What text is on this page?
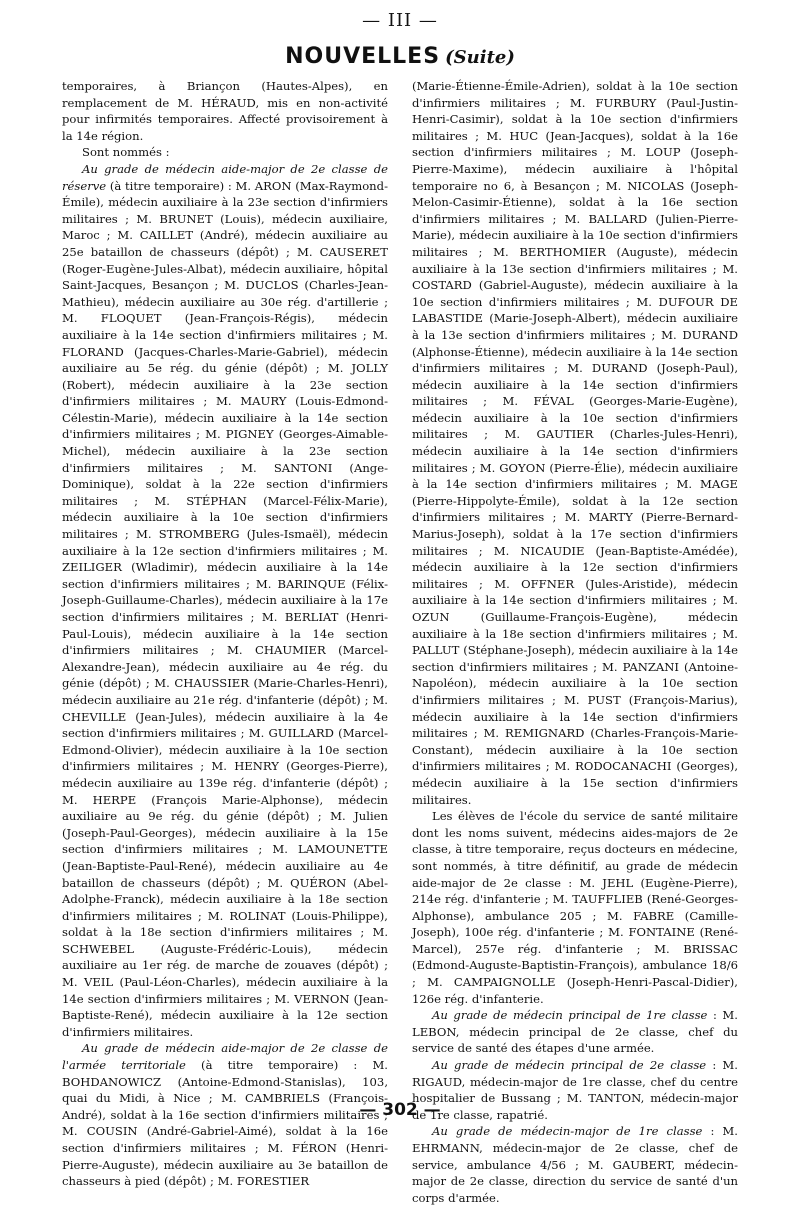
— III —
NOUVELLES (Suite)

temporaires, à Briançon (Hautes-Alpes), en remplacement de M. HÉRAUD, mis en non-activité pour infirmités temporaires. Affecté provisoirement à la 14e région.

Sont nommés :

Au grade de médecin aide-major de 2e classe de réserve (à titre temporaire) : M. ARON (Max-Raymond-Émile), médecin auxiliaire à la 23e section d'infirmiers militaires ; M. BRUNET (Louis), médecin auxiliaire, Maroc ; M. CAILLET (André), médecin auxiliaire au 25e bataillon de chasseurs (dépôt) ; M. CAUSERET (Roger-Eugène-Jules-Albat), médecin auxiliaire, hôpital Saint-Jacques, Besançon ; M. DUCLOS (Charles-Jean-Mathieu), médecin auxiliaire au 30e rég. d'artillerie ; M. FLOQUET (Jean-François-Régis), médecin auxiliaire à la 14e section d'infirmiers militaires ; M. FLORAND (Jacques-Charles-Marie-Gabriel), médecin auxiliaire au 5e rég. du génie (dépôt) ; M. JOLLY (Robert), médecin auxiliaire à la 23e section d'infirmiers militaires ; M. MAURY (Louis-Edmond-Célestin-Marie), médecin auxiliaire à la 14e section d'infirmiers militaires ; M. PIGNEY (Georges-Aimable-Michel), médecin auxiliaire à la 23e section d'infirmiers militaires ; M. SANTONI (Ange-Dominique), soldat à la 22e section d'infirmiers militaires ; M. STÉPHAN (Marcel-Félix-Marie), médecin auxiliaire à la 10e section d'infirmiers militaires ; M. STROMBERG (Jules-Ismaël), médecin auxiliaire à la 12e section d'infirmiers militaires ; M. ZEILIGER (Wladimir), médecin auxiliaire à la 14e section d'infirmiers militaires ; M. BARINQUE (Félix-Joseph-Guillaume-Charles), médecin auxiliaire à la 17e section d'infirmiers militaires ; M. BERLIAT (Henri-Paul-Louis), médecin auxiliaire à la 14e section d'infirmiers militaires ; M. CHAUMIER (Marcel-Alexandre-Jean), médecin auxiliaire au 4e rég. du génie (dépôt) ; M. CHAUSSIER (Marie-Charles-Henri), médecin auxiliaire au 21e rég. d'infanterie (dépôt) ; M. CHEVILLE (Jean-Jules), médecin auxiliaire à la 4e section d'infirmiers militaires ; M. GUILLARD (Marcel-Edmond-Olivier), médecin auxiliaire à la 10e section d'infirmiers militaires ; M. HENRY (Georges-Pierre), médecin auxiliaire au 139e rég. d'infanterie (dépôt) ; M. HERPE (François Marie-Alphonse), médecin auxiliaire au 9e rég. du génie (dépôt) ; M. Julien (Joseph-Paul-Georges), médecin auxiliaire à la 15e section d'infirmiers militaires ; M. LAMOUNETTE (Jean-Baptiste-Paul-René), médecin auxiliaire au 4e bataillon de chasseurs (dépôt) ; M. QUÉRON (Abel-Adolphe-Franck), médecin auxiliaire à la 18e section d'infirmiers militaires ; M. ROLINAT (Louis-Philippe), soldat à la 18e section d'infirmiers militaires ; M. SCHWEBEL (Auguste-Frédéric-Louis), médecin auxiliaire au 1er rég. de marche de zouaves (dépôt) ; M. VEIL (Paul-Léon-Charles), médecin auxiliaire à la 14e section d'infirmiers militaires ; M. VERNON (Jean-Baptiste-René), médecin auxiliaire à la 12e section d'infirmiers militaires.

Au grade de médecin aide-major de 2e classe de l'armée territoriale (à titre temporaire) : M. BOHDANOWICZ (Antoine-Edmond-Stanislas), 103, quai du Midi, à Nice ; M. CAMBRIELS (François-André), soldat à la 16e section d'infirmiers militaires ; M. COUSIN (André-Gabriel-Aimé), soldat à la 16e section d'infirmiers militaires ; M. FÉRON (Henri-Pierre-Auguste), médecin auxiliaire au 3e bataillon de chasseurs à pied (dépôt) ; M. FORESTIER

(Marie-Étienne-Émile-Adrien), soldat à la 10e section d'infirmiers militaires ; M. FURBURY (Paul-Justin-Henri-Casimir), soldat à la 10e section d'infirmiers militaires ; M. HUC (Jean-Jacques), soldat à la 16e section d'infirmiers militaires ; M. LOUP (Joseph-Pierre-Maxime), médecin auxiliaire à l'hôpital temporaire no 6, à Besançon ; M. NICOLAS (Joseph-Melon-Casimir-Étienne), soldat à la 16e section d'infirmiers militaires ; M. BALLARD (Julien-Pierre-Marie), médecin auxiliaire à la 10e section d'infirmiers militaires ; M. BERTHOMIER (Auguste), médecin auxiliaire à la 13e section d'infirmiers militaires ; M. COSTARD (Gabriel-Auguste), médecin auxiliaire à la 10e section d'infirmiers militaires ; M. DUFOUR DE LABASTIDE (Marie-Joseph-Albert), médecin auxiliaire à la 13e section d'infirmiers militaires ; M. DURAND (Alphonse-Étienne), médecin auxiliaire à la 14e section d'infirmiers militaires ; M. DURAND (Joseph-Paul), médecin auxiliaire à la 14e section d'infirmiers militaires ; M. FÉVAL (Georges-Marie-Eugène), médecin auxiliaire à la 10e section d'infirmiers militaires ; M. GAUTIER (Charles-Jules-Henri), médecin auxiliaire à la 14e section d'infirmiers militaires ; M. GOYON (Pierre-Élie), médecin auxiliaire à la 14e section d'infirmiers militaires ; M. MAGE (Pierre-Hippolyte-Émile), soldat à la 12e section d'infirmiers militaires ; M. MARTY (Pierre-Bernard-Marius-Joseph), soldat à la 17e section d'infirmiers militaires ; M. NICAUDIE (Jean-Baptiste-Amédée), médecin auxiliaire à la 12e section d'infirmiers militaires ; M. OFFNER (Jules-Aristide), médecin auxiliaire à la 14e section d'infirmiers militaires ; M. OZUN (Guillaume-François-Eugène), médecin auxiliaire à la 18e section d'infirmiers militaires ; M. PALLUT (Stéphane-Joseph), médecin auxiliaire à la 14e section d'infirmiers militaires ; M. PANZANI (Antoine-Napoléon), médecin auxiliaire à la 10e section d'infirmiers militaires ; M. PUST (François-Marius), médecin auxiliaire à la 14e section d'infirmiers militaires ; M. REMIGNARD (Charles-François-Marie-Constant), médecin auxiliaire à la 10e section d'infirmiers militaires ; M. RODOCANACHI (Georges), médecin auxiliaire à la 15e section d'infirmiers militaires.

Les élèves de l'école du service de santé militaire dont les noms suivent, médecins aides-majors de 2e classe, à titre temporaire, reçus docteurs en médecine, sont nommés, à titre définitif, au grade de médecin aide-major de 2e classe : M. JEHL (Eugène-Pierre), 214e rég. d'infanterie ; M. TAUFFLIEB (René-Georges-Alphonse), ambulance 205 ; M. FABRE (Camille-Joseph), 100e rég. d'infanterie ; M. FONTAINE (René-Marcel), 257e rég. d'infanterie ; M. BRISSAC (Edmond-Auguste-Baptistin-François), ambulance 18/6 ; M. CAMPAIGNOLLE (Joseph-Henri-Pascal-Didier), 126e rég. d'infanterie.

Au grade de médecin principal de 1re classe : M. LEBON, médecin principal de 2e classe, chef du service de santé des étapes d'une armée.

Au grade de médecin principal de 2e classe : M. RIGAUD, médecin-major de 1re classe, chef du centre hospitalier de Bussang ; M. TANTON, médecin-major de 1re classe, rapatrié.

Au grade de médecin-major de 1re classe : M. EHRMANN, médecin-major de 2e classe, chef de service, ambulance 4/56 ; M. GAUBERT, médecin-major de 2e classe, direction du service de santé d'un corps d'armée.

— 302 —
